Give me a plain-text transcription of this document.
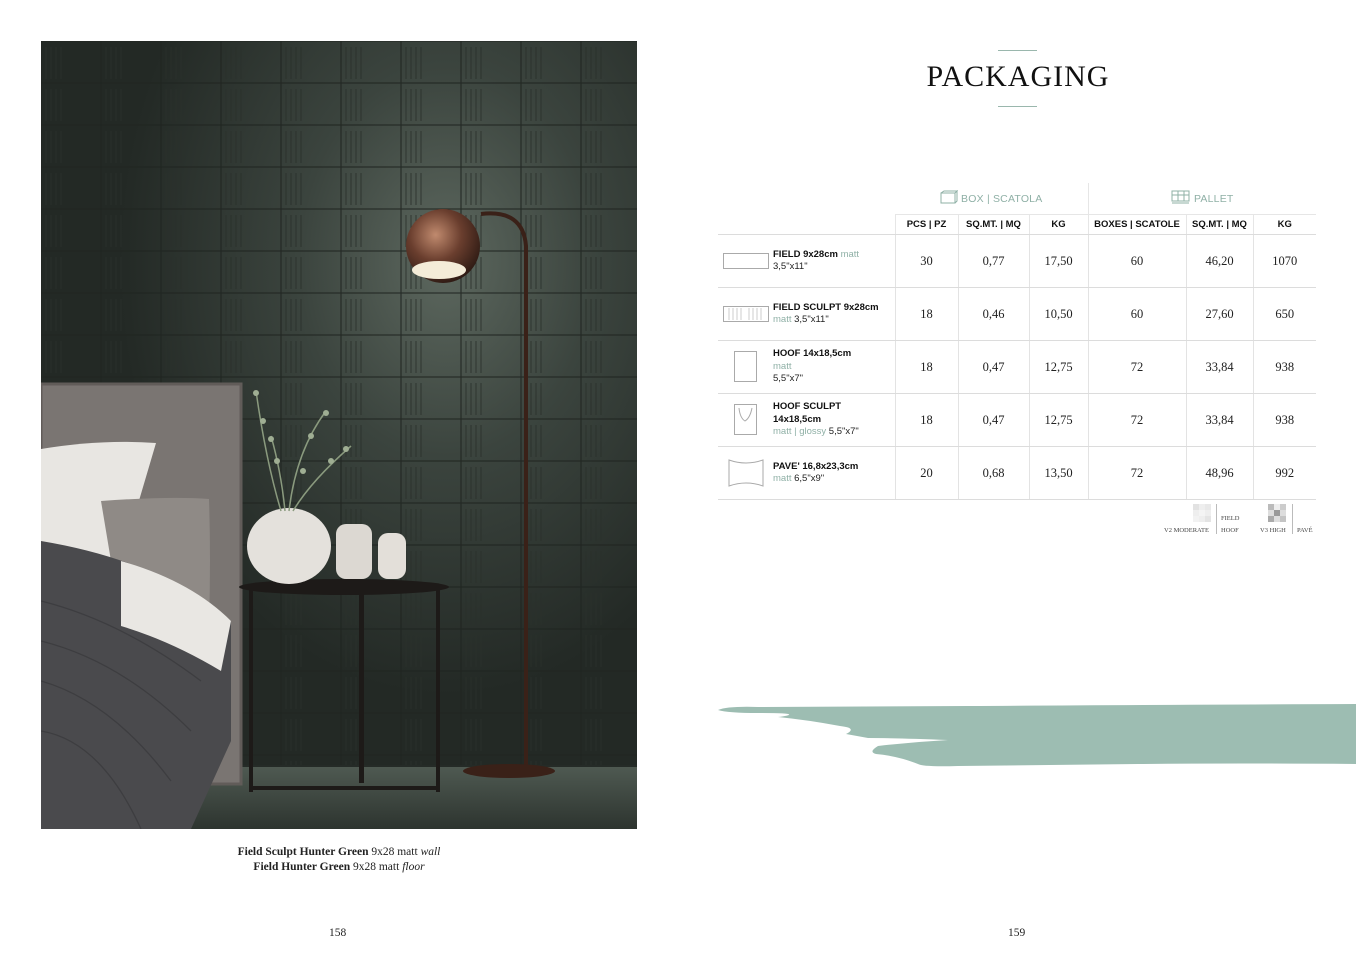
Field Sculpt Hunter Green 9x28 matt wall
Field Hunter Green 9x28 matt floor
158
PACKAGING
	BOX | SCATOLA			PALLET		
	PCS | PZ	SQ.MT. | MQ	KG	BOXES | SCATOLE	SQ.MT. | MQ	KG

FIELD 9x28cm matt
3,5"x11"	30	0,77	17,50	60	46,20	1070

FIELD SCULPT 9x28cm
matt 3,5"x11"	18	0,46	10,50	60	27,60	650

HOOF 14x18,5cm
matt
5,5"x7"	18	0,47	12,75	72	33,84	938

HOOF SCULPT
14x18,5cm
matt | glossy 5,5"x7"	18	0,47	12,75	72	33,84	938

PAVE' 16,8x23,3cm
matt 6,5"x9"	20	0,68	13,50	72	48,96	992
V2 MODERATE
FIELD
HOOF	V3 HIGH PAVÉ
159
